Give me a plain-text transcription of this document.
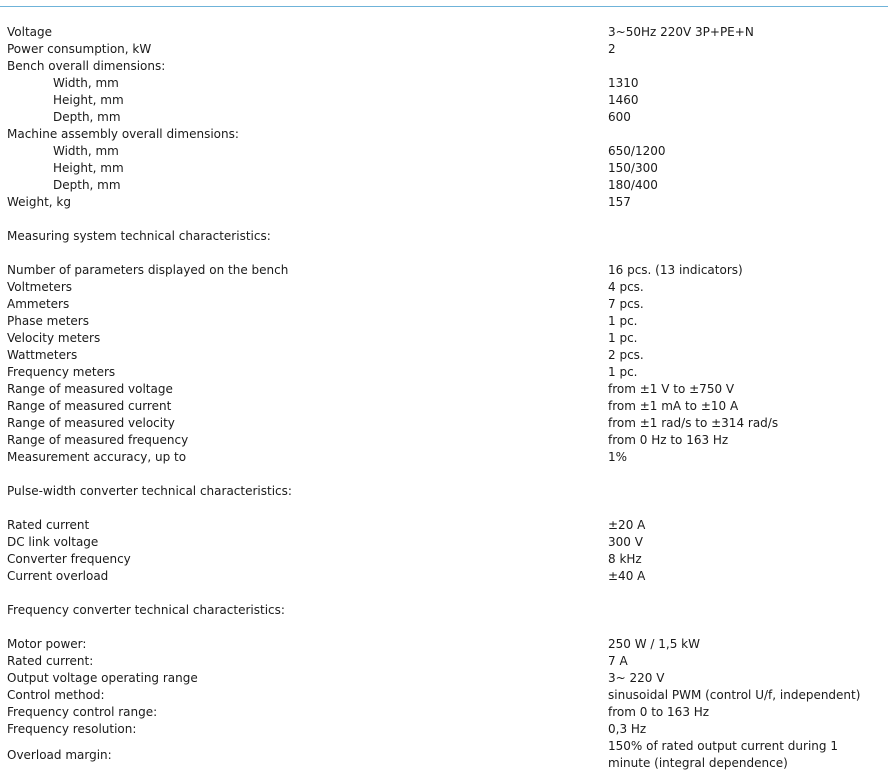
Voltage	3~50Hz 220V 3P+PE+N
Power consumption, kW	2
Bench overall dimensions:	
Width, mm	1310
Height, mm	1460
Depth, mm	600
Machine assembly overall dimensions:	
Width, mm	650/1200
Height, mm	150/300
Depth, mm	180/400
Weight, kg	157

Measuring system technical characteristics:	

Number of parameters displayed on the bench	16 pcs. (13 indicators)
Voltmeters	4 pcs.
Ammeters	7 pcs.
Phase meters	1 pc.
Velocity meters	1 pc.
Wattmeters	2 pcs.
Frequency meters	1 pc.
Range of measured voltage	from ±1 V to ±750 V
Range of measured current	from ±1 mA to ±10 A
Range of measured velocity	from ±1 rad/s to ±314 rad/s
Range of measured frequency	from 0 Hz to 163 Hz
Measurement accuracy, up to	1%

Pulse-width converter technical characteristics:	

Rated current	±20 A
DC link voltage	300 V
Converter frequency	8 kHz
Current overload	±40 A

Frequency converter technical characteristics:	

Motor power:	250 W / 1,5 kW
Rated current:	7 A
Output voltage operating range	3~ 220 V
Control method:	sinusoidal PWM (control U/f, independent)
Frequency control range:	from 0 to 163 Hz
Frequency resolution:	0,3 Hz
Overload margin:	150% of rated output current during 1 minute (integral dependence)
